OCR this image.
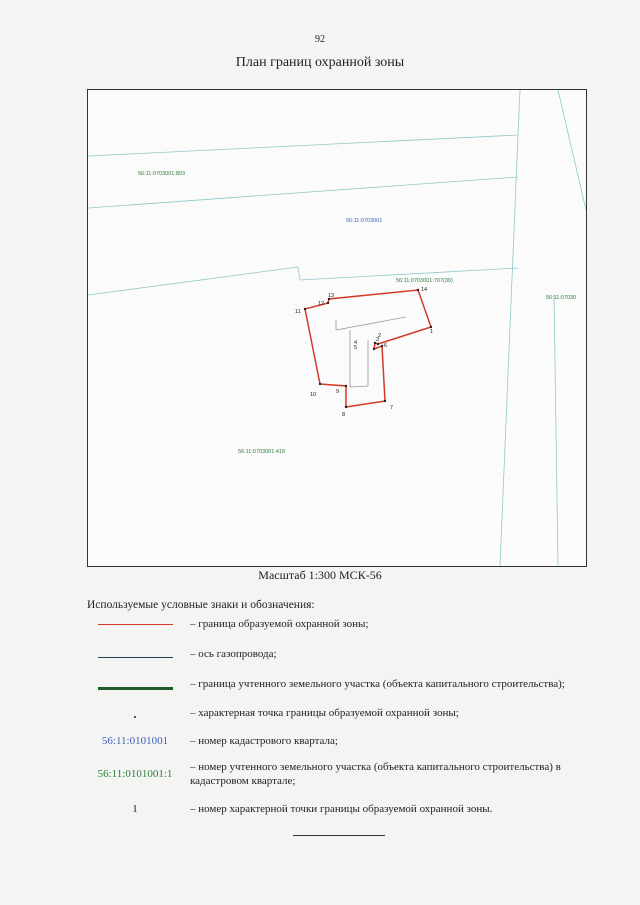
92
План границ охранной зоны
1
2
3
4
5	6
7
8
9
10
11
12
13
14
56:11:0703001:803
56:11:0703001
56:11:0703001:707(39)
56:11:07030
56:11:0703001:418
Масштаб 1:300 МСК-56
Используемые условные знаки и обозначения:
– граница образуемой охранной зоны;
– ось газопровода;
– граница учтенного земельного участка (объекта капитального строительства);
– характерная точка границы образуемой охранной зоны;
56:11:0101001 – номер кадастрового квартала;
56:11:0101001:1
– номер учтенного земельного участка (объекта капитального строительства) в кадастровом квартале;
1	– номер характерной точки границы образуемой охранной зоны.
